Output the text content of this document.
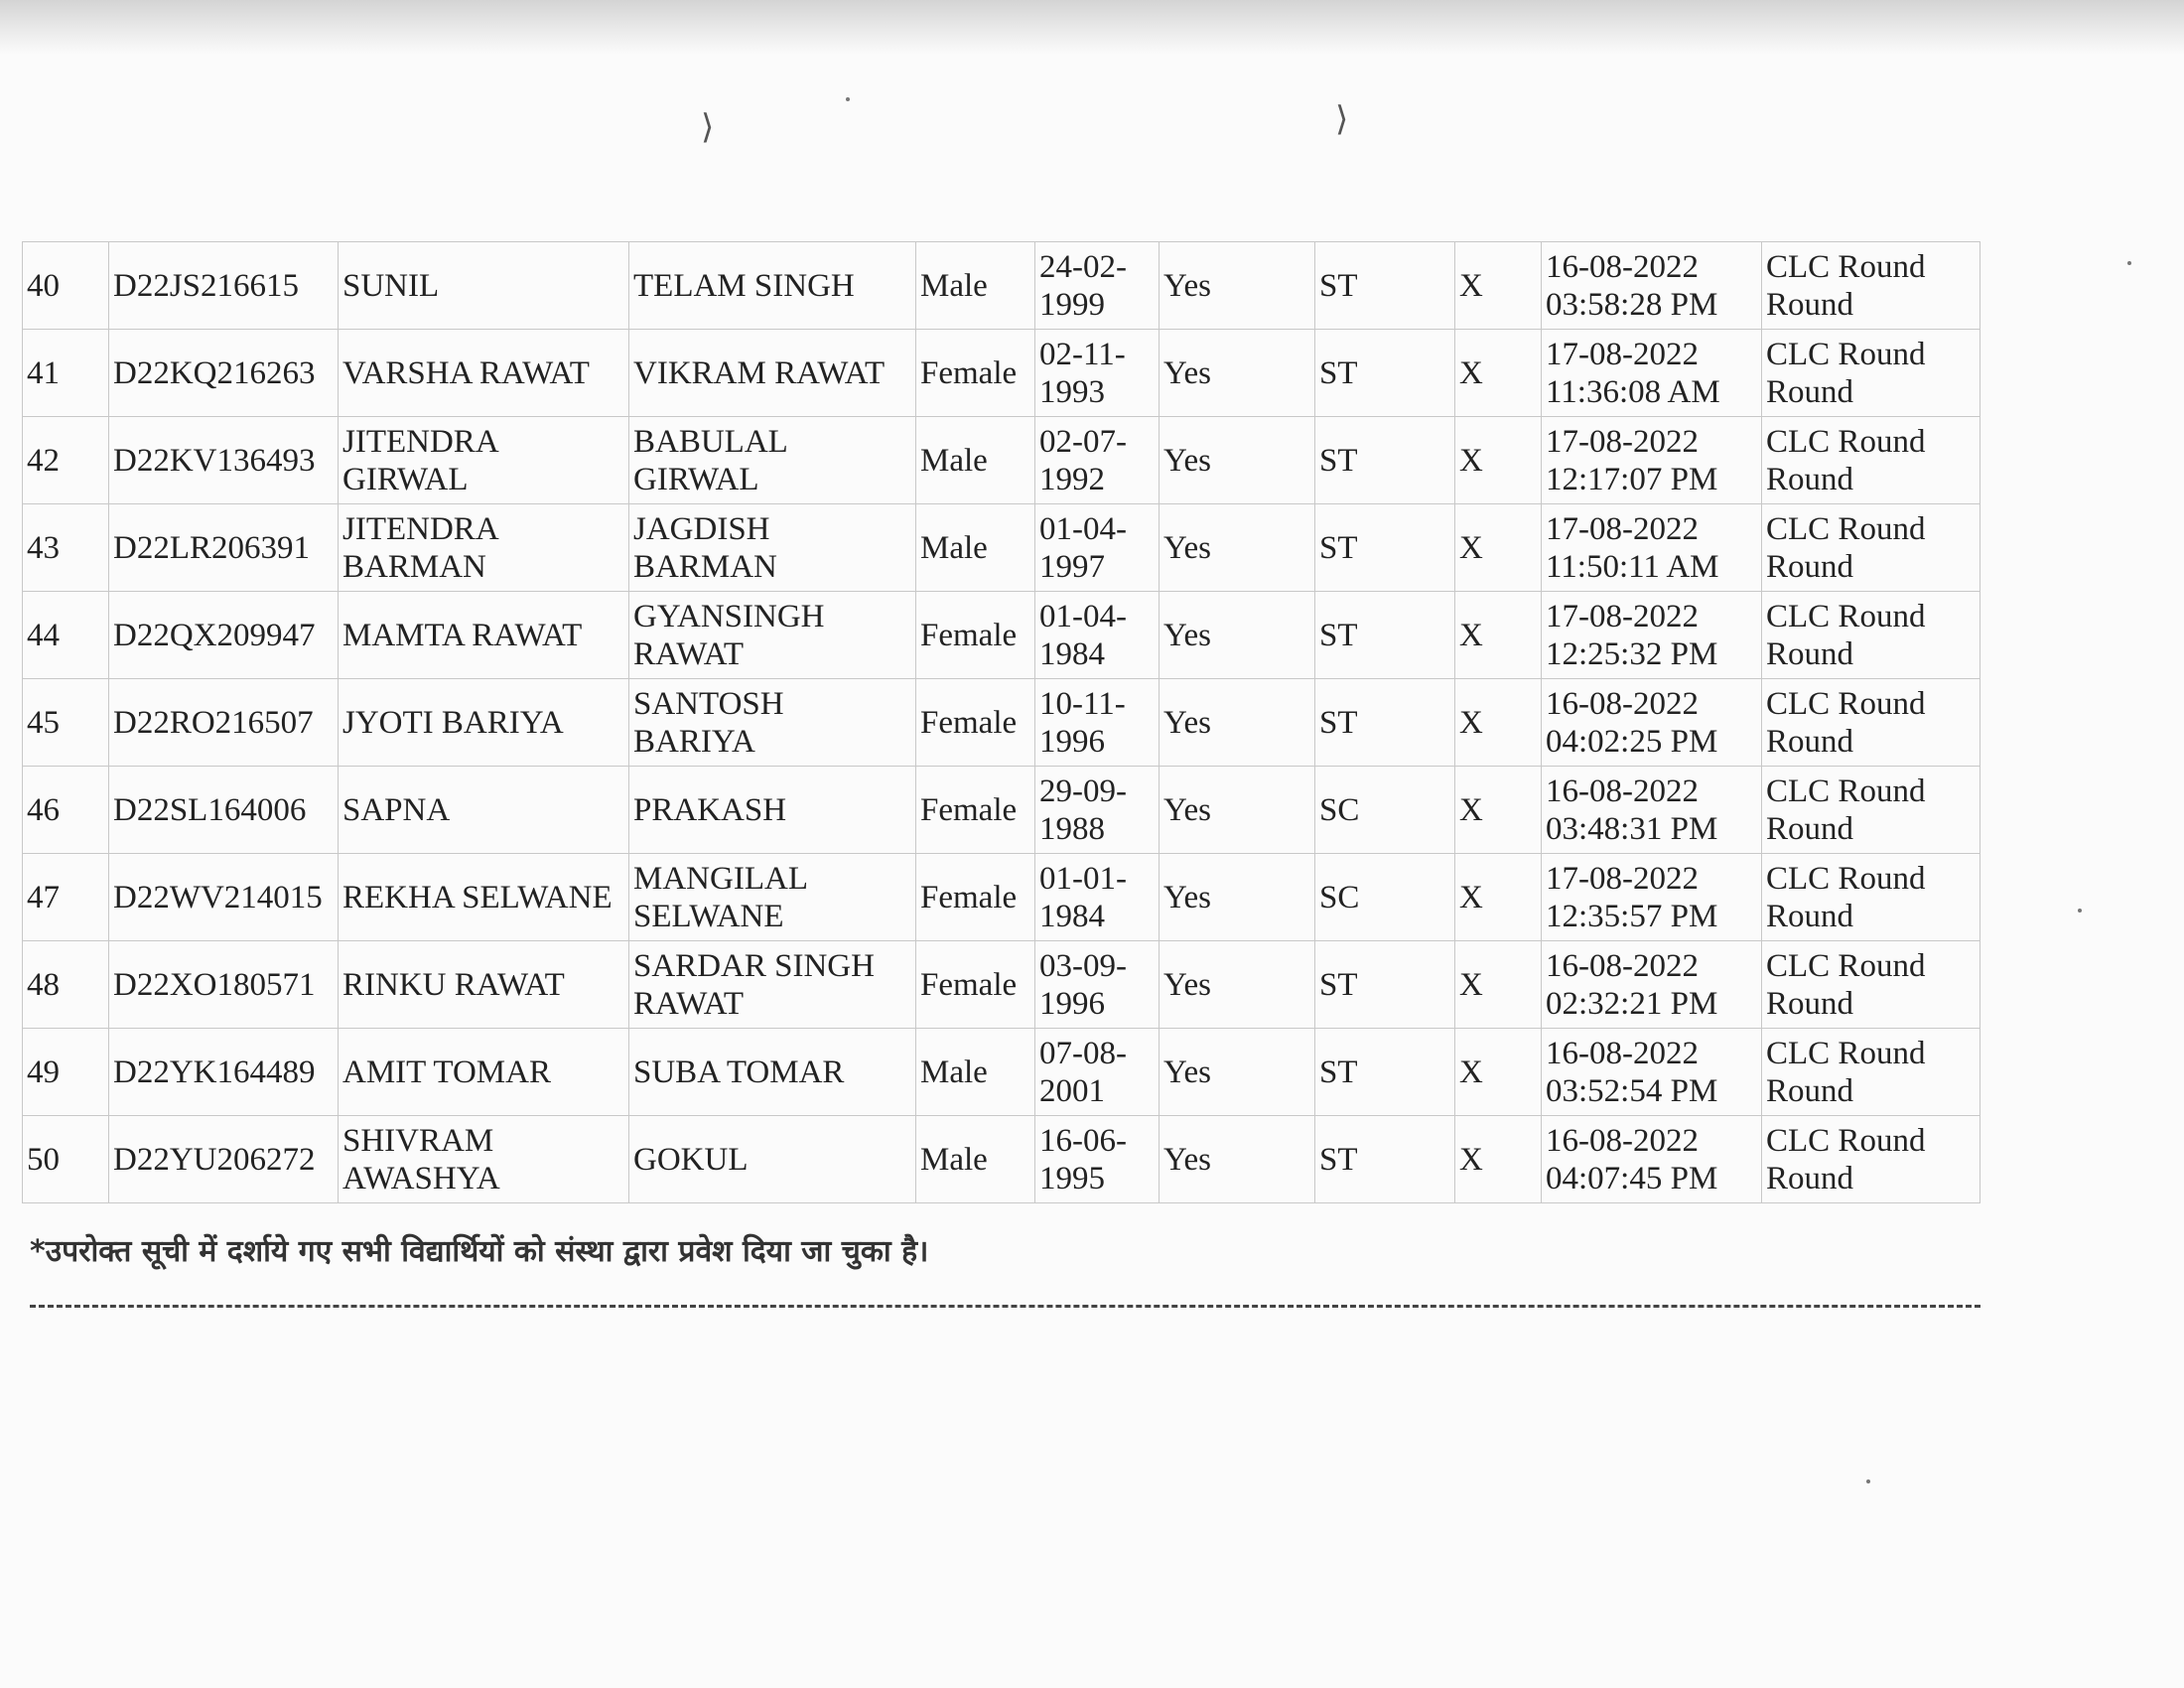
⟩	⟩
40	D22JS216615	SUNIL	TELAM SINGH	Male	24-02-1999	Yes	ST	X	16-08-2022 03:58:28 PM	CLC Round Round
41	D22KQ216263	VARSHA RAWAT	VIKRAM RAWAT	Female	02-11-1993	Yes	ST	X	17-08-2022 11:36:08 AM	CLC Round Round
42	D22KV136493	JITENDRA GIRWAL	BABULAL GIRWAL	Male	02-07-1992	Yes	ST	X	17-08-2022 12:17:07 PM	CLC Round Round
43	D22LR206391	JITENDRA BARMAN	JAGDISH BARMAN	Male	01-04-1997	Yes	ST	X	17-08-2022 11:50:11 AM	CLC Round Round
44	D22QX209947	MAMTA RAWAT	GYANSINGH RAWAT	Female	01-04-1984	Yes	ST	X	17-08-2022 12:25:32 PM	CLC Round Round
45	D22RO216507	JYOTI BARIYA	SANTOSH BARIYA	Female	10-11-1996	Yes	ST	X	16-08-2022 04:02:25 PM	CLC Round Round
46	D22SL164006	SAPNA	PRAKASH	Female	29-09-1988	Yes	SC	X	16-08-2022 03:48:31 PM	CLC Round Round
47	D22WV214015	REKHA SELWANE	MANGILAL SELWANE	Female	01-01-1984	Yes	SC	X	17-08-2022 12:35:57 PM	CLC Round Round
48	D22XO180571	RINKU RAWAT	SARDAR SINGH RAWAT	Female	03-09-1996	Yes	ST	X	16-08-2022 02:32:21 PM	CLC Round Round
49	D22YK164489	AMIT TOMAR	SUBA TOMAR	Male	07-08-2001	Yes	ST	X	16-08-2022 03:52:54 PM	CLC Round Round
50	D22YU206272	SHIVRAM AWASHYA	GOKUL	Male	16-06-1995	Yes	ST	X	16-08-2022 04:07:45 PM	CLC Round Round
*उपरोक्त सूची में दर्शाये गए सभी विद्यार्थियों को संस्था द्वारा प्रवेश दिया जा चुका है।
